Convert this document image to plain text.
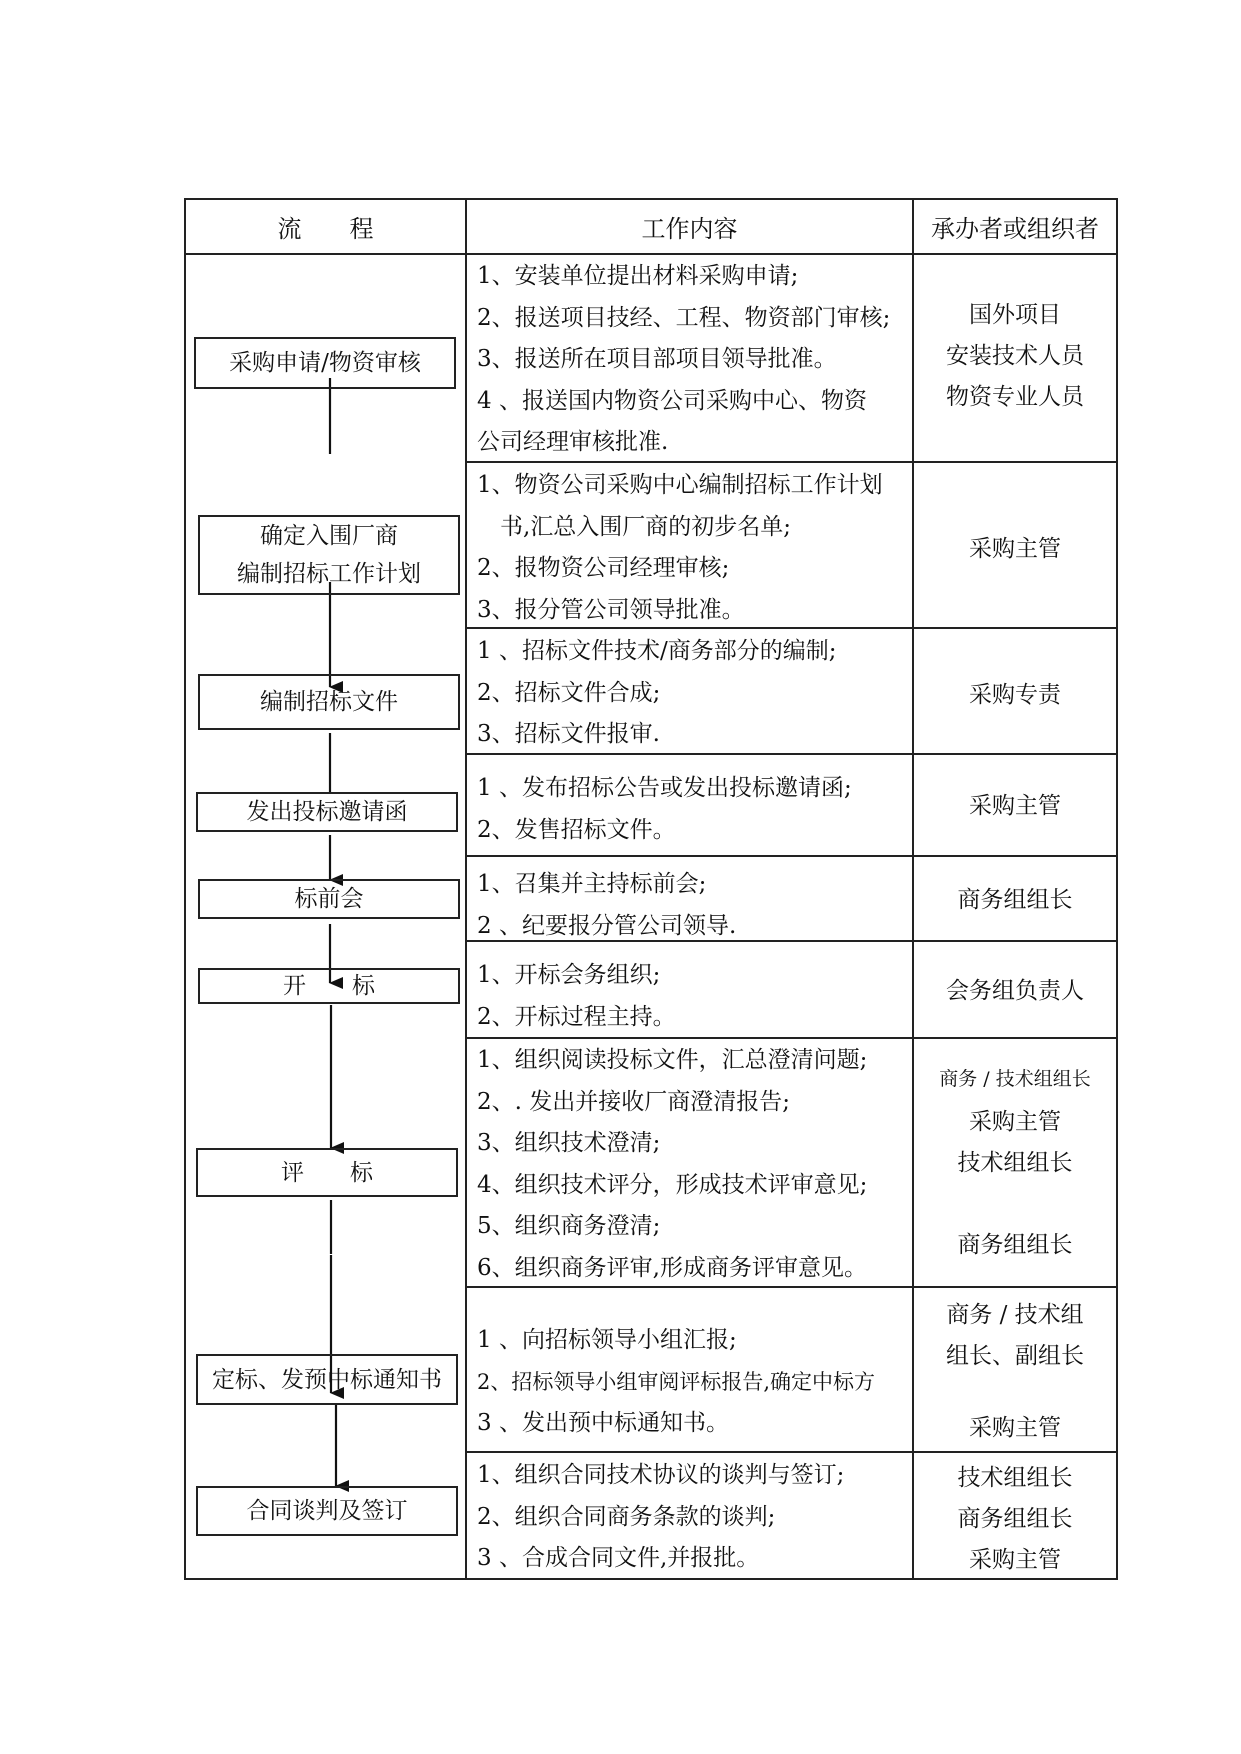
流　　程	工作内容	承办者或组织者
1、安装单位提出材料采购申请;
2、报送项目技经、工程、物资部门审核;
3、报送所在项目部项目领导批准。
4 、报送国内物资公司采购中心、物资
公司经理审核批准.
1、物资公司采购中心编制招标工作计划
　书,汇总入围厂商的初步名单;
2、报物资公司经理审核;
3、报分管公司领导批准。
1 、招标文件技术/商务部分的编制;
2、招标文件合成;
3、招标文件报审.
1 、发布招标公告或发出投标邀请函;
2、发售招标文件。
1、召集并主持标前会;
2 、纪要报分管公司领导.
1、开标会务组织;
2、开标过程主持。
1、组织阅读投标文件，汇总澄清问题;
2、. 发出并接收厂商澄清报告;
3、组织技术澄清;
4、组织技术评分，形成技术评审意见;
5、组织商务澄清;
6、组织商务评审,形成商务评审意见。
1 、向招标领导小组汇报;
2、招标领导小组审阅评标报告,确定中标方
3 、发出预中标通知书。
1、组织合同技术协议的谈判与签订;
2、组织合同商务条款的谈判;
3 、合成合同文件,并报批。
国外项目
安装技术人员
物资专业人员
采购主管
采购专责
采购主管
商务组组长
会务组负责人
商务 / 技术组组长
采购主管
技术组组长
商务组组长
商务 / 技术组
组长、副组长
采购主管
技术组组长
商务组组长
采购主管
采购申请/物资审核
确定入围厂商
编制招标工作计划
编制招标文件
发出投标邀请函
标前会
开　　标
评　　标
定标、发预中标通知书
合同谈判及签订
